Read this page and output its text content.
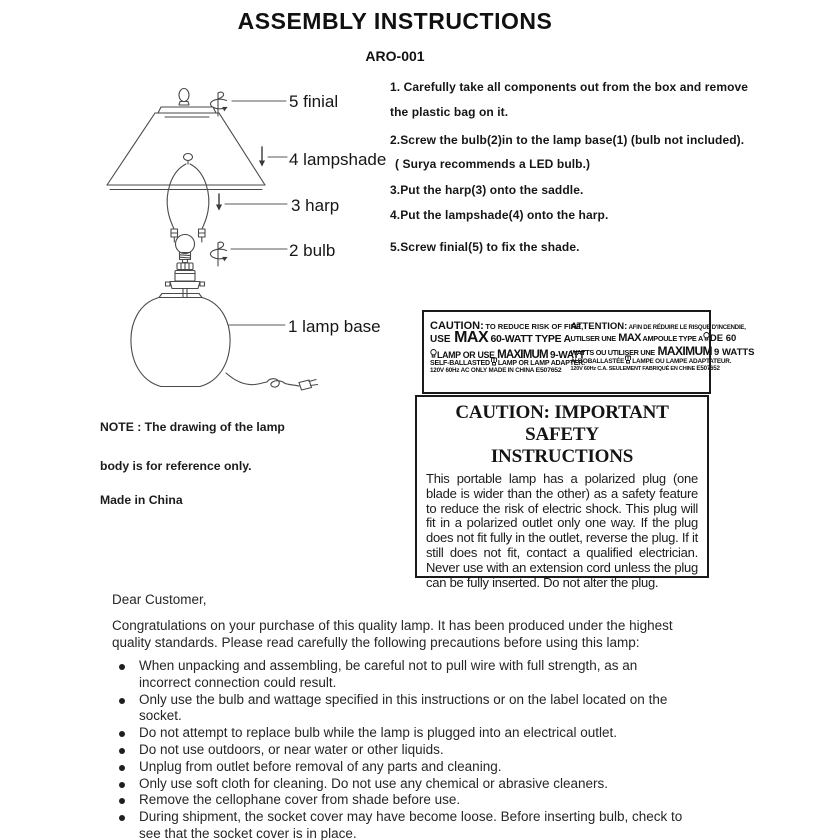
ASSEMBLY INSTRUCTIONS
ARO-001
5 finial
4 lampshade
3 harp
2 bulb
1 lamp base
1. Carefully take all components out from the box and remove
the plastic bag on it.
2.Screw the bulb(2)in to the lamp base(1) (bulb not included).
( Surya recommends a LED bulb.)
3.Put the harp(3) onto the saddle.
4.Put the lampshade(4) onto the harp.
5.Screw finial(5) to fix the shade.
CAUTION: TO REDUCE RISK OF FIRE,
USE MAX 60-WATT TYPE A
LAMP OR USE MAXIMUM 9-WATT
SELF-BALLASTED LAMP OR LAMP ADAPTER.
120V 60Hz AC ONLY MADE IN CHINAE507652
ATTENTION:AFIN DE RÉDUIRE LE RISQUE D'INCENDIE,
UTILSER UNE MAX AMPOULE TYPE A DE 60
WATTS OU UTILISER UNE MAXIMUM 9 WATTS
AUTOBALLASTÉE LAMPE OU LAMPE ADAPTATEUR.
120V 60Hz C.A. SEULEMENT FABRIQUÉ EN CHINEE507652
CAUTION: IMPORTANT SAFETY
INSTRUCTIONS
This portable lamp has a polarized plug (one blade is wider than the other) as a safety feature to reduce the risk of electric shock. This plug will fit in a polarized outlet only one way. If the plug does not fit fully in the outlet, reverse the plug. If it still does not fit, contact a qualified electrician. Never use with an extension cord unless the plug can be fully inserted. Do not alter the plug.
NOTE : The drawing of the lamp
body is for reference only.
Made in China

Dear Customer,

Congratulations on your purchase of this quality lamp. It has been produced under the highest quality standards. Please read carefully the following precautions before using this lamp:

When unpacking and assembling, be careful not to pull wire with full strength, as an incorrect connection could result.
Only use the bulb and wattage specified in this instructions or on the label located on the socket.
Do not attempt to replace bulb while the lamp is plugged into an electrical outlet.
Do not use outdoors, or near water or other liquids.
Unplug from outlet before removal of any parts and cleaning.
Only use soft cloth for cleaning. Do not use any chemical or abrasive cleaners.
Remove the cellophane cover from shade before use.
During shipment, the socket cover may have become loose. Before inserting bulb, check to see that the socket cover is in place.
